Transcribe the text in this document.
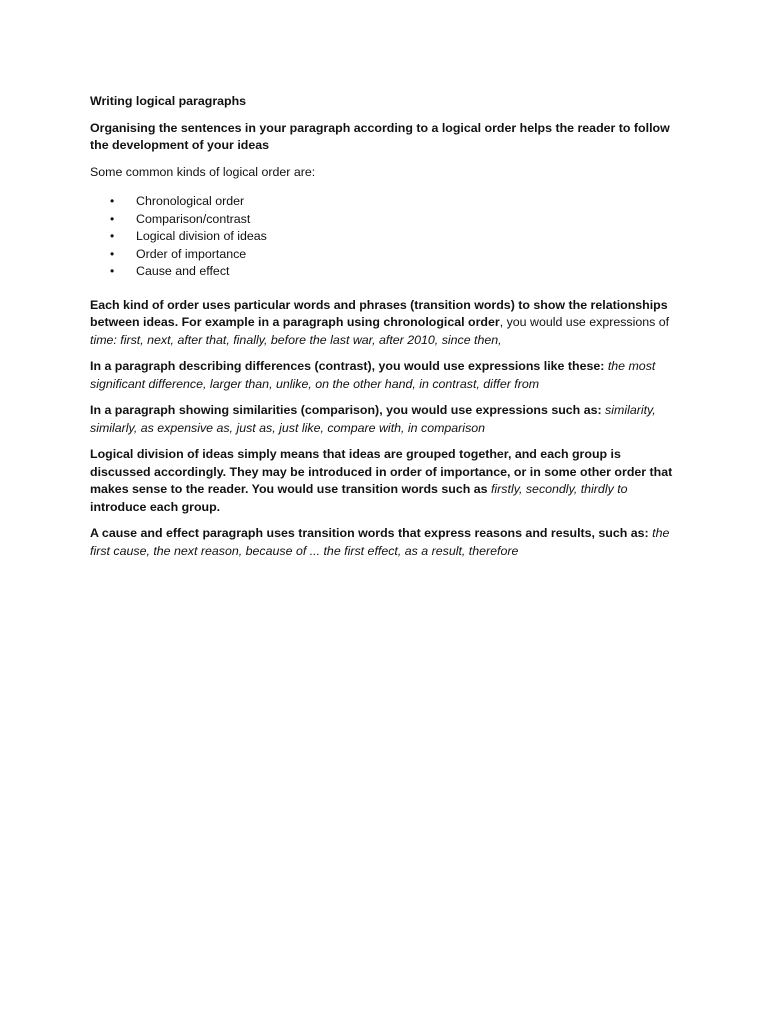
Writing logical paragraphs
Organising the sentences in your paragraph according to a logical order helps the reader to follow the development of your ideas
Some common kinds of logical order are:
• Chronological order
• Comparison/contrast
• Logical division of ideas
• Order of importance
• Cause and effect
Each kind of order uses particular words and phrases (transition words) to show the relationships between ideas. For example in a paragraph using chronological order, you would use expressions of time: first, next, after that, finally, before the last war, after 2010, since then,
In a paragraph describing differences (contrast), you would use expressions like these: the most significant difference, larger than, unlike, on the other hand, in contrast, differ from
In a paragraph showing similarities (comparison), you would use expressions such as: similarity, similarly, as expensive as, just as, just like, compare with, in comparison
Logical division of ideas simply means that ideas are grouped together, and each group is discussed accordingly. They may be introduced in order of importance, or in some other order that makes sense to the reader. You would use transition words such as firstly, secondly, thirdly to introduce each group.
A cause and effect paragraph uses transition words that express reasons and results, such as: the first cause, the next reason, because of ... the first effect, as a result, therefore
